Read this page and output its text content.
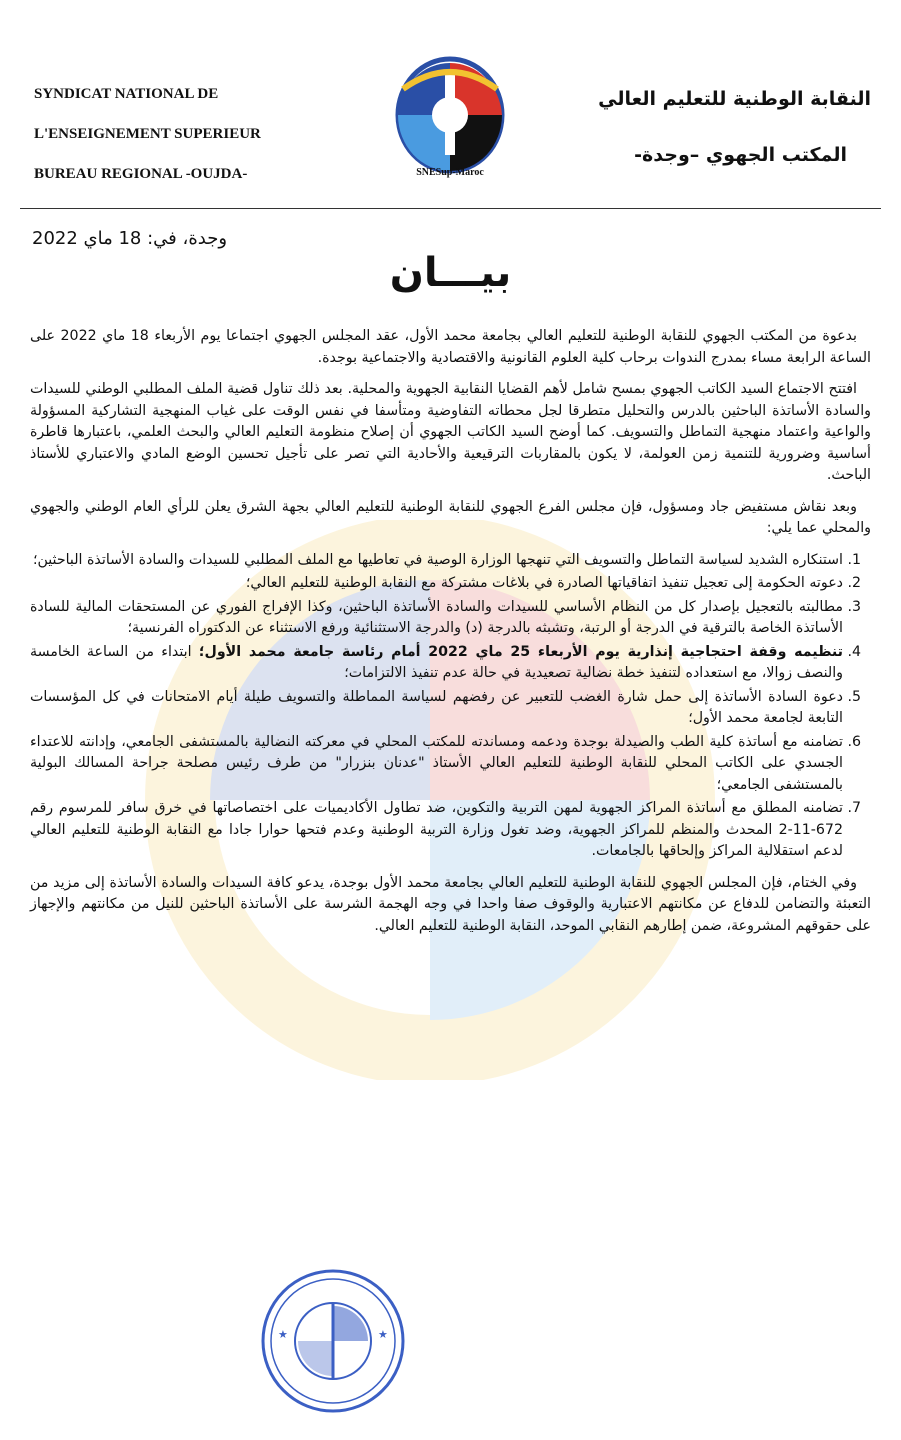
SYNDICAT NATIONAL DE
L'ENSEIGNEMENT SUPERIEUR
BUREAU REGIONAL -OUJDA-	SNESup-Maroc
النقابة الوطنية للتعليم العالي
المكتب الجهوي –وجدة-
وجدة، في: 18 ماي 2022
بيـــان

بدعوة من المكتب الجهوي للنقابة الوطنية للتعليم العالي بجامعة محمد الأول، عقد المجلس الجهوي اجتماعا يوم الأربعاء 18 ماي 2022 على الساعة الرابعة مساء بمدرج الندوات برحاب كلية العلوم القانونية والاقتصادية والاجتماعية بوجدة.

افتتح الاجتماع السيد الكاتب الجهوي بمسح شامل لأهم القضايا النقابية الجهوية والمحلية. بعد ذلك تناول قضية الملف المطلبي الوطني للسيدات والسادة الأساتذة الباحثين بالدرس والتحليل متطرقا لجل محطاته التفاوضية ومتأسفا في نفس الوقت على غياب المنهجية التشاركية المسؤولة والواعية واعتماد منهجية التماطل والتسويف. كما أوضح السيد الكاتب الجهوي أن إصلاح منظومة التعليم العالي والبحث العلمي، باعتبارها قاطرة أساسية وضرورية للتنمية زمن العولمة، لا يكون بالمقاربات الترقيعية والأحادية التي تصر على تأجيل تحسين الوضع المادي والاعتباري للأستاذ الباحث.

وبعد نقاش مستفيض جاد ومسؤول، فإن مجلس الفرع الجهوي للنقابة الوطنية للتعليم العالي بجهة الشرق يعلن للرأي العام الوطني والجهوي والمحلي عما يلي:

1. استنكاره الشديد لسياسة التماطل والتسويف التي تنهجها الوزارة الوصية في تعاطيها مع الملف المطلبي للسيدات والسادة الأساتذة الباحثين؛
2. دعوته الحكومة إلى تعجيل تنفيذ اتفاقياتها الصادرة في بلاغات مشتركة مع النقابة الوطنية للتعليم العالي؛
3. مطالبته بالتعجيل بإصدار كل من النظام الأساسي للسيدات والسادة الأساتذة الباحثين، وكذا الإفراج الفوري عن المستحقات المالية للسادة الأساتذة الخاصة بالترقية في الدرجة أو الرتبة، وتشبثه بالدرجة (د) والدرجة الاستثنائية ورفع الاستثناء عن الدكتوراه الفرنسية؛
4. تنظيمه وقفة احتجاجية إنذارية يوم الأربعاء 25 ماي 2022 أمام رئاسة جامعة محمد الأول؛ ابتداء من الساعة الخامسة والنصف زوالا، مع استعداده لتنفيذ خطة نضالية تصعيدية في حالة عدم تنفيذ الالتزامات؛
5. دعوة السادة الأساتذة إلى حمل شارة الغضب للتعبير عن رفضهم لسياسة المماطلة والتسويف طيلة أيام الامتحانات في كل المؤسسات التابعة لجامعة محمد الأول؛
6. تضامنه مع أساتذة كلية الطب والصيدلة بوجدة ودعمه ومساندته للمكتب المحلي في معركته النضالية بالمستشفى الجامعي، وإدانته للاعتداء الجسدي على الكاتب المحلي للنقابة الوطنية للتعليم العالي الأستاذ "عدنان بنزرار" من طرف رئيس مصلحة جراحة المسالك البولية بالمستشفى الجامعي؛
7. تضامنه المطلق مع أساتذة المراكز الجهوية لمهن التربية والتكوين، ضد تطاول الأكاديميات على اختصاصاتها في خرق سافر للمرسوم رقم 672-11-2 المحدث والمنظم للمراكز الجهوية، وضد تغول وزارة التربية الوطنية وعدم فتحها حوارا جادا مع النقابة الوطنية للتعليم العالي لدعم استقلالية المراكز وإلحاقها بالجامعات.

وفي الختام، فإن المجلس الجهوي للنقابة الوطنية للتعليم العالي بجامعة محمد الأول بوجدة، يدعو كافة السيدات والسادة الأساتذة إلى مزيد من التعبئة والتضامن للدفاع عن مكانتهم الاعتبارية والوقوف صفا واحدا في وجه الهجمة الشرسة على الأساتذة الباحثين للنيل من مكانتهم والإجهاز على حقوقهم المشروعة، ضمن إطارهم النقابي الموحد، النقابة الوطنية للتعليم العالي.

★	★
